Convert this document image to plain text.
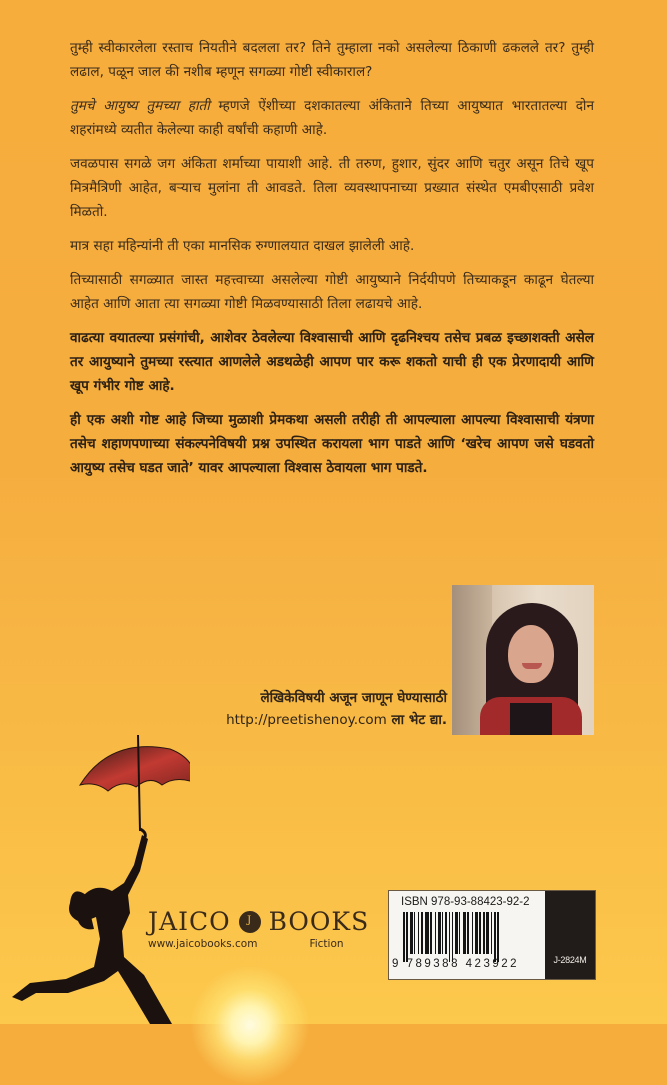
तुम्ही स्वीकारलेला रस्ताच नियतीने बदलला तर? तिने तुम्हाला नको असलेल्या ठिकाणी ढकलले तर? तुम्ही लढाल, पळून जाल की नशीब म्हणून सगळ्या गोष्टी स्वीकाराल?

तुमचे आयुष्य तुमच्या हाती म्हणजे ऐंशीच्या दशकातल्या अंकिताने तिच्या आयुष्यात भारतातल्या दोन शहरांमध्ये व्यतीत केलेल्या काही वर्षांची कहाणी आहे.

जवळपास सगळे जग अंकिता शर्माच्या पायाशी आहे. ती तरुण, हुशार, सुंदर आणि चतुर असून तिचे खूप मित्रमैत्रिणी आहेत, बऱ्याच मुलांना ती आवडते. तिला व्यवस्थापनाच्या प्रख्यात संस्थेत एमबीएसाठी प्रवेश मिळतो.

मात्र सहा महिन्यांनी ती एका मानसिक रुग्णालयात दाखल झालेली आहे.

तिच्यासाठी सगळ्यात जास्त महत्त्वाच्या असलेल्या गोष्टी आयुष्याने निर्दयीपणे तिच्याकडून काढून घेतल्या आहेत आणि आता त्या सगळ्या गोष्टी मिळवण्यासाठी तिला लढायचे आहे.

वाढत्या वयातल्या प्रसंगांची, आशेवर ठेवलेल्या विश्वासाची आणि दृढनिश्चय तसेच प्रबळ इच्छाशक्ती असेल तर आयुष्याने तुमच्या रस्त्यात आणलेले अडथळेही आपण पार करू शकतो याची ही एक प्रेरणादायी आणि खूप गंभीर गोष्ट आहे.

ही एक अशी गोष्ट आहे जिच्या मुळाशी प्रेमकथा असली तरीही ती आपल्याला आपल्या विश्वासाची यंत्रणा तसेच शहाणपणाच्या संकल्पनेविषयी प्रश्न उपस्थित करायला भाग पाडते आणि ‘खरेच आपण जसे घडवतो आयुष्य तसेच घडत जाते’ यावर आपल्याला विश्वास ठेवायला भाग पाडते.

लेखिकेविषयी अजून जाणून घेण्यासाठी
http://preetishenoy.com ला भेट द्या.
JAICO J BOOKS
www.jaicobooks.com	Fiction
ISBN 978-93-88423-92-2
9 789388 423922	J-2824M
